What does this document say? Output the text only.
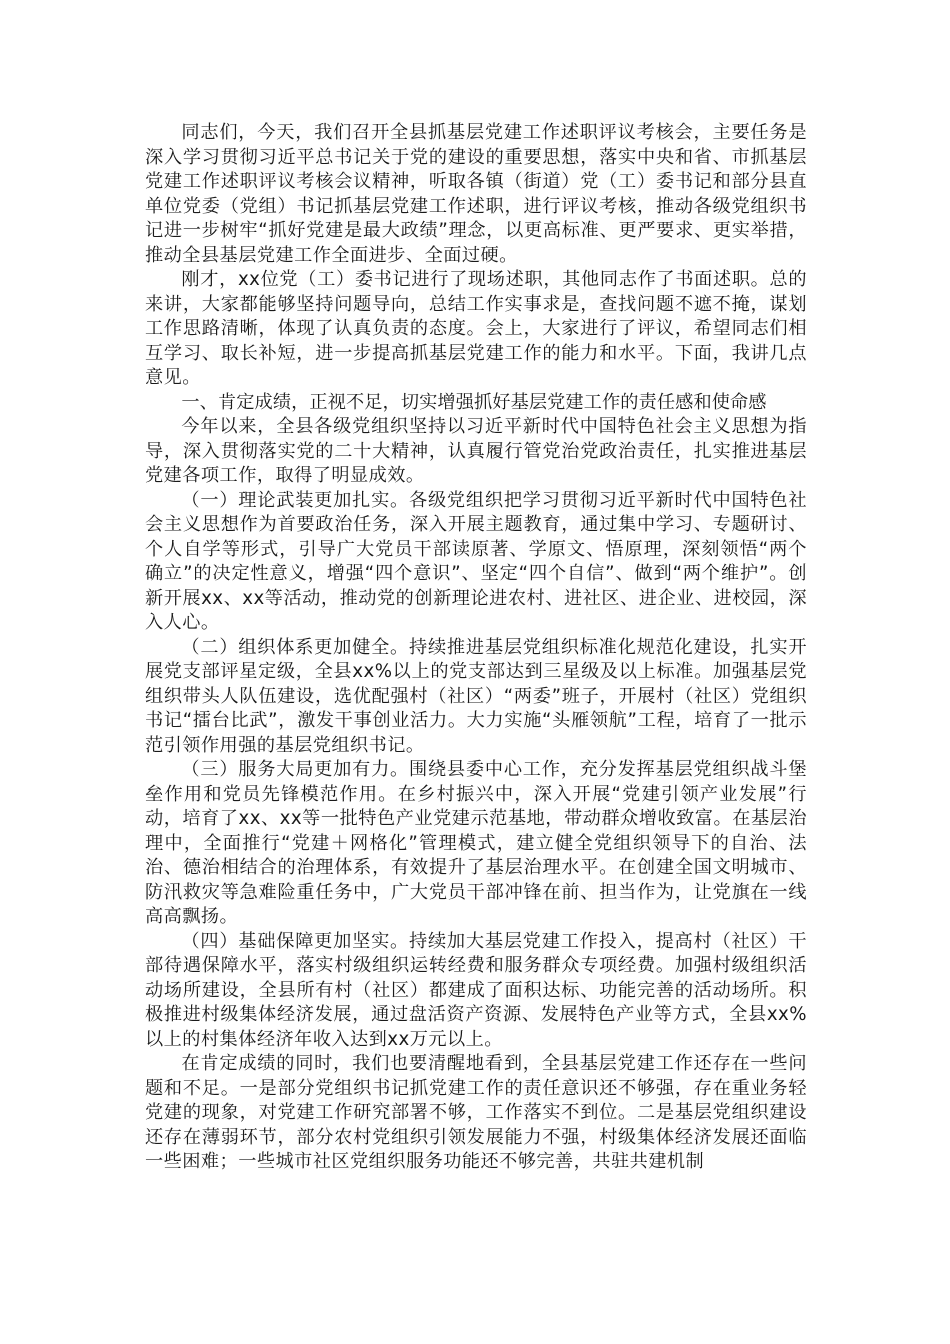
同志们，今天，我们召开全县抓基层党建工作述职评议考核会，主要任务是深入学习贯彻习近平总书记关于党的建设的重要思想，落实中央和省、市抓基层党建工作述职评议考核会议精神，听取各镇（街道）党（工）委书记和部分县直单位党委（党组）书记抓基层党建工作述职，进行评议考核，推动各级党组织书记进一步树牢“抓好党建是最大政绩”理念，以更高标准、更严要求、更实举措，推动全县基层党建工作全面进步、全面过硬。

刚才，xx位党（工）委书记进行了现场述职，其他同志作了书面述职。总的来讲，大家都能够坚持问题导向，总结工作实事求是，查找问题不遮不掩，谋划工作思路清晰，体现了认真负责的态度。会上，大家进行了评议，希望同志们相互学习、取长补短，进一步提高抓基层党建工作的能力和水平。下面，我讲几点意见。

一、肯定成绩，正视不足，切实增强抓好基层党建工作的责任感和使命感

今年以来，全县各级党组织坚持以习近平新时代中国特色社会主义思想为指导，深入贯彻落实党的二十大精神，认真履行管党治党政治责任，扎实推进基层党建各项工作，取得了明显成效。

（一）理论武装更加扎实。各级党组织把学习贯彻习近平新时代中国特色社会主义思想作为首要政治任务，深入开展主题教育，通过集中学习、专题研讨、个人自学等形式，引导广大党员干部读原著、学原文、悟原理，深刻领悟“两个确立”的决定性意义，增强“四个意识”、坚定“四个自信”、做到“两个维护”。创新开展xx、xx等活动，推动党的创新理论进农村、进社区、进企业、进校园，深入人心。

（二）组织体系更加健全。持续推进基层党组织标准化规范化建设，扎实开展党支部评星定级，全县xx%以上的党支部达到三星级及以上标准。加强基层党组织带头人队伍建设，选优配强村（社区）“两委”班子，开展村（社区）党组织书记“擂台比武”，激发干事创业活力。大力实施“头雁领航”工程，培育了一批示范引领作用强的基层党组织书记。

（三）服务大局更加有力。围绕县委中心工作，充分发挥基层党组织战斗堡垒作用和党员先锋模范作用。在乡村振兴中，深入开展“党建引领产业发展”行动，培育了xx、xx等一批特色产业党建示范基地，带动群众增收致富。在基层治理中，全面推行“党建＋网格化”管理模式，建立健全党组织领导下的自治、法治、德治相结合的治理体系，有效提升了基层治理水平。在创建全国文明城市、防汛救灾等急难险重任务中，广大党员干部冲锋在前、担当作为，让党旗在一线高高飘扬。

（四）基础保障更加坚实。持续加大基层党建工作投入，提高村（社区）干部待遇保障水平，落实村级组织运转经费和服务群众专项经费。加强村级组织活动场所建设，全县所有村（社区）都建成了面积达标、功能完善的活动场所。积极推进村级集体经济发展，通过盘活资产资源、发展特色产业等方式，全县xx%以上的村集体经济年收入达到xx万元以上。

在肯定成绩的同时，我们也要清醒地看到，全县基层党建工作还存在一些问题和不足。一是部分党组织书记抓党建工作的责任意识还不够强，存在重业务轻党建的现象，对党建工作研究部署不够，工作落实不到位。二是基层党组织建设还存在薄弱环节，部分农村党组织引领发展能力不强，村级集体经济发展还面临一些困难；一些城市社区党组织服务功能还不够完善，共驻共建机制
